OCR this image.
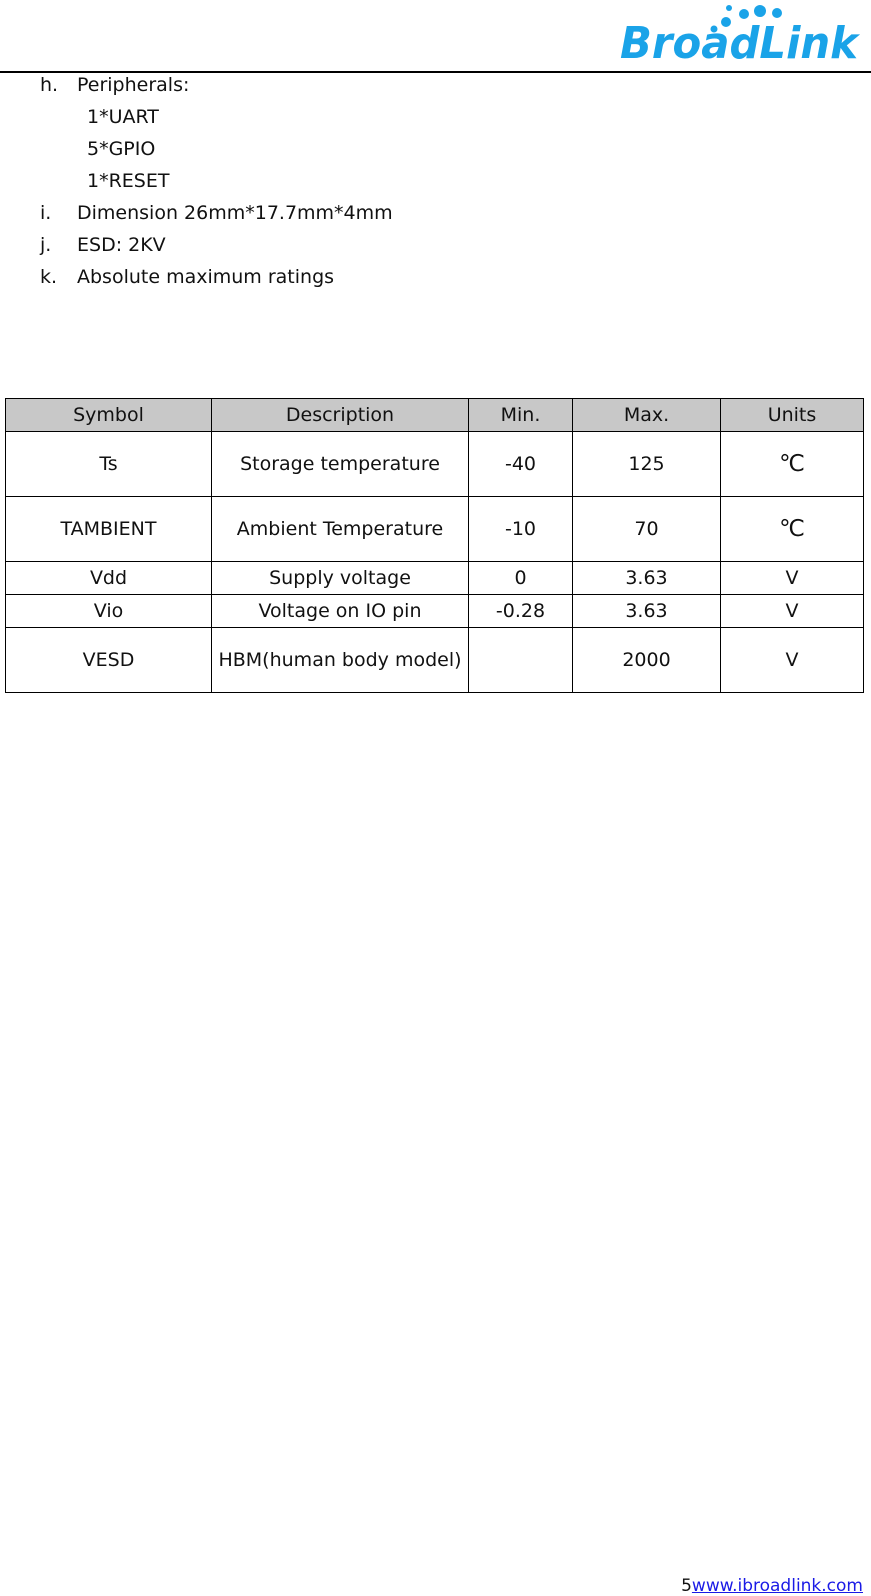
BroadLink
h. Peripherals:
1*UART
5*GPIO
1*RESET
i. Dimension 26mm*17.7mm*4mm
j. ESD: 2KV
k. Absolute maximum ratings
Symbol	Description	Min.	Max.	Units
Ts	Storage temperature	-40	125	℃
TAMBIENT	Ambient Temperature	-10	70	℃
Vdd	Supply voltage	0	3.63	V
Vio	Voltage on IO pin	-0.28	3.63	V
VESD	HBM(human body model)		2000	V
5www.ibroadlink.com
